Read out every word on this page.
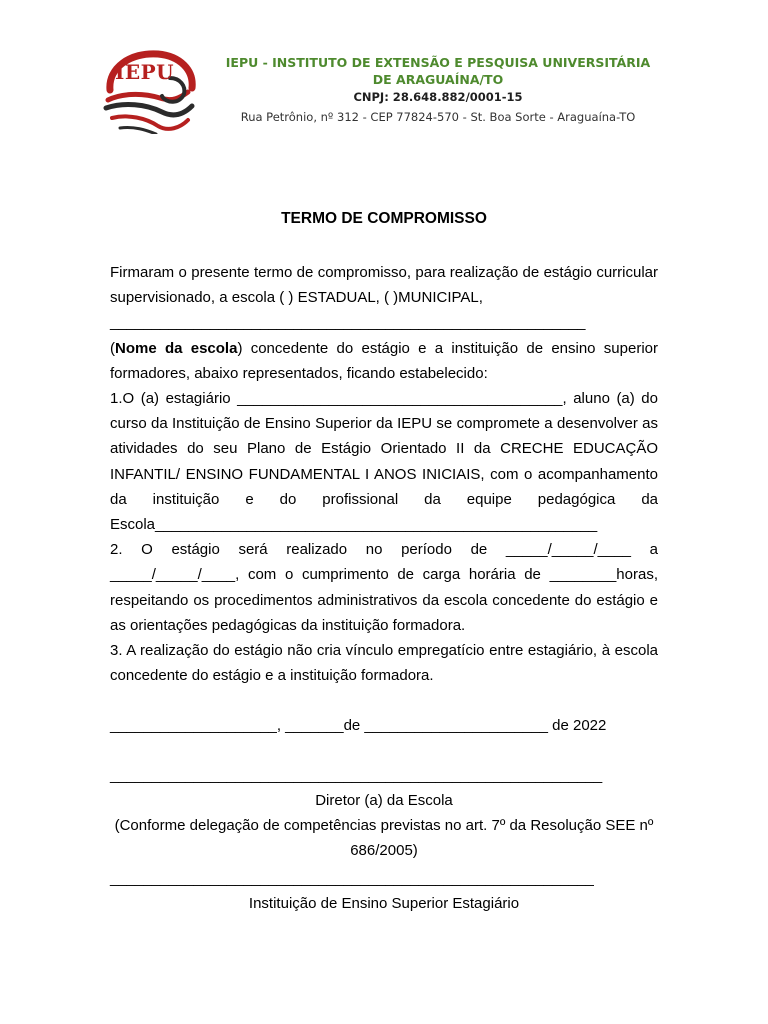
IEPU	IEPU - INSTITUTO DE EXTENSÃO E PESQUISA UNIVERSITÁRIA
DE ARAGUAÍNA/TO
CNPJ: 28.648.882/0001-15
Rua Petrônio, nº 312 - CEP 77824-570 - St. Boa Sorte - Araguaína-TO
TERMO DE COMPROMISSO

Firmaram o presente termo de compromisso, para realização de estágio curricular supervisionado, a escola ( ) ESTADUAL, ( )MUNICIPAL,

_________________________________________________________

(Nome da escola) concedente do estágio e a instituição de ensino superior formadores, abaixo representados, ficando estabelecido:

1.O (a) estagiário _______________________________________, aluno (a) do curso da Instituição de Ensino Superior da IEPU se compromete a desenvolver as atividades do seu Plano de Estágio Orientado II da CRECHE EDUCAÇÃO INFANTIL/ ENSINO FUNDAMENTAL I ANOS INICIAIS, com o acompanhamento da instituição e do profissional da equipe pedagógica da Escola_____________________________________________________

2. O estágio será realizado no período de _____/_____/____ a

_____/_____/____, com o cumprimento de carga horária de ________horas, respeitando os procedimentos administrativos da escola concedente do estágio e as orientações pedagógicas da instituição formadora.

3. A realização do estágio não cria vínculo empregatício entre estagiário, à escola concedente do estágio e a instituição formadora.

____________________, _______de ______________________ de 2022
___________________________________________________________
Diretor (a) da Escola
(Conforme delegação de competências previstas no art. 7º da Resolução SEE nº 686/2005)
__________________________________________________________
Instituição de Ensino Superior Estagiário
